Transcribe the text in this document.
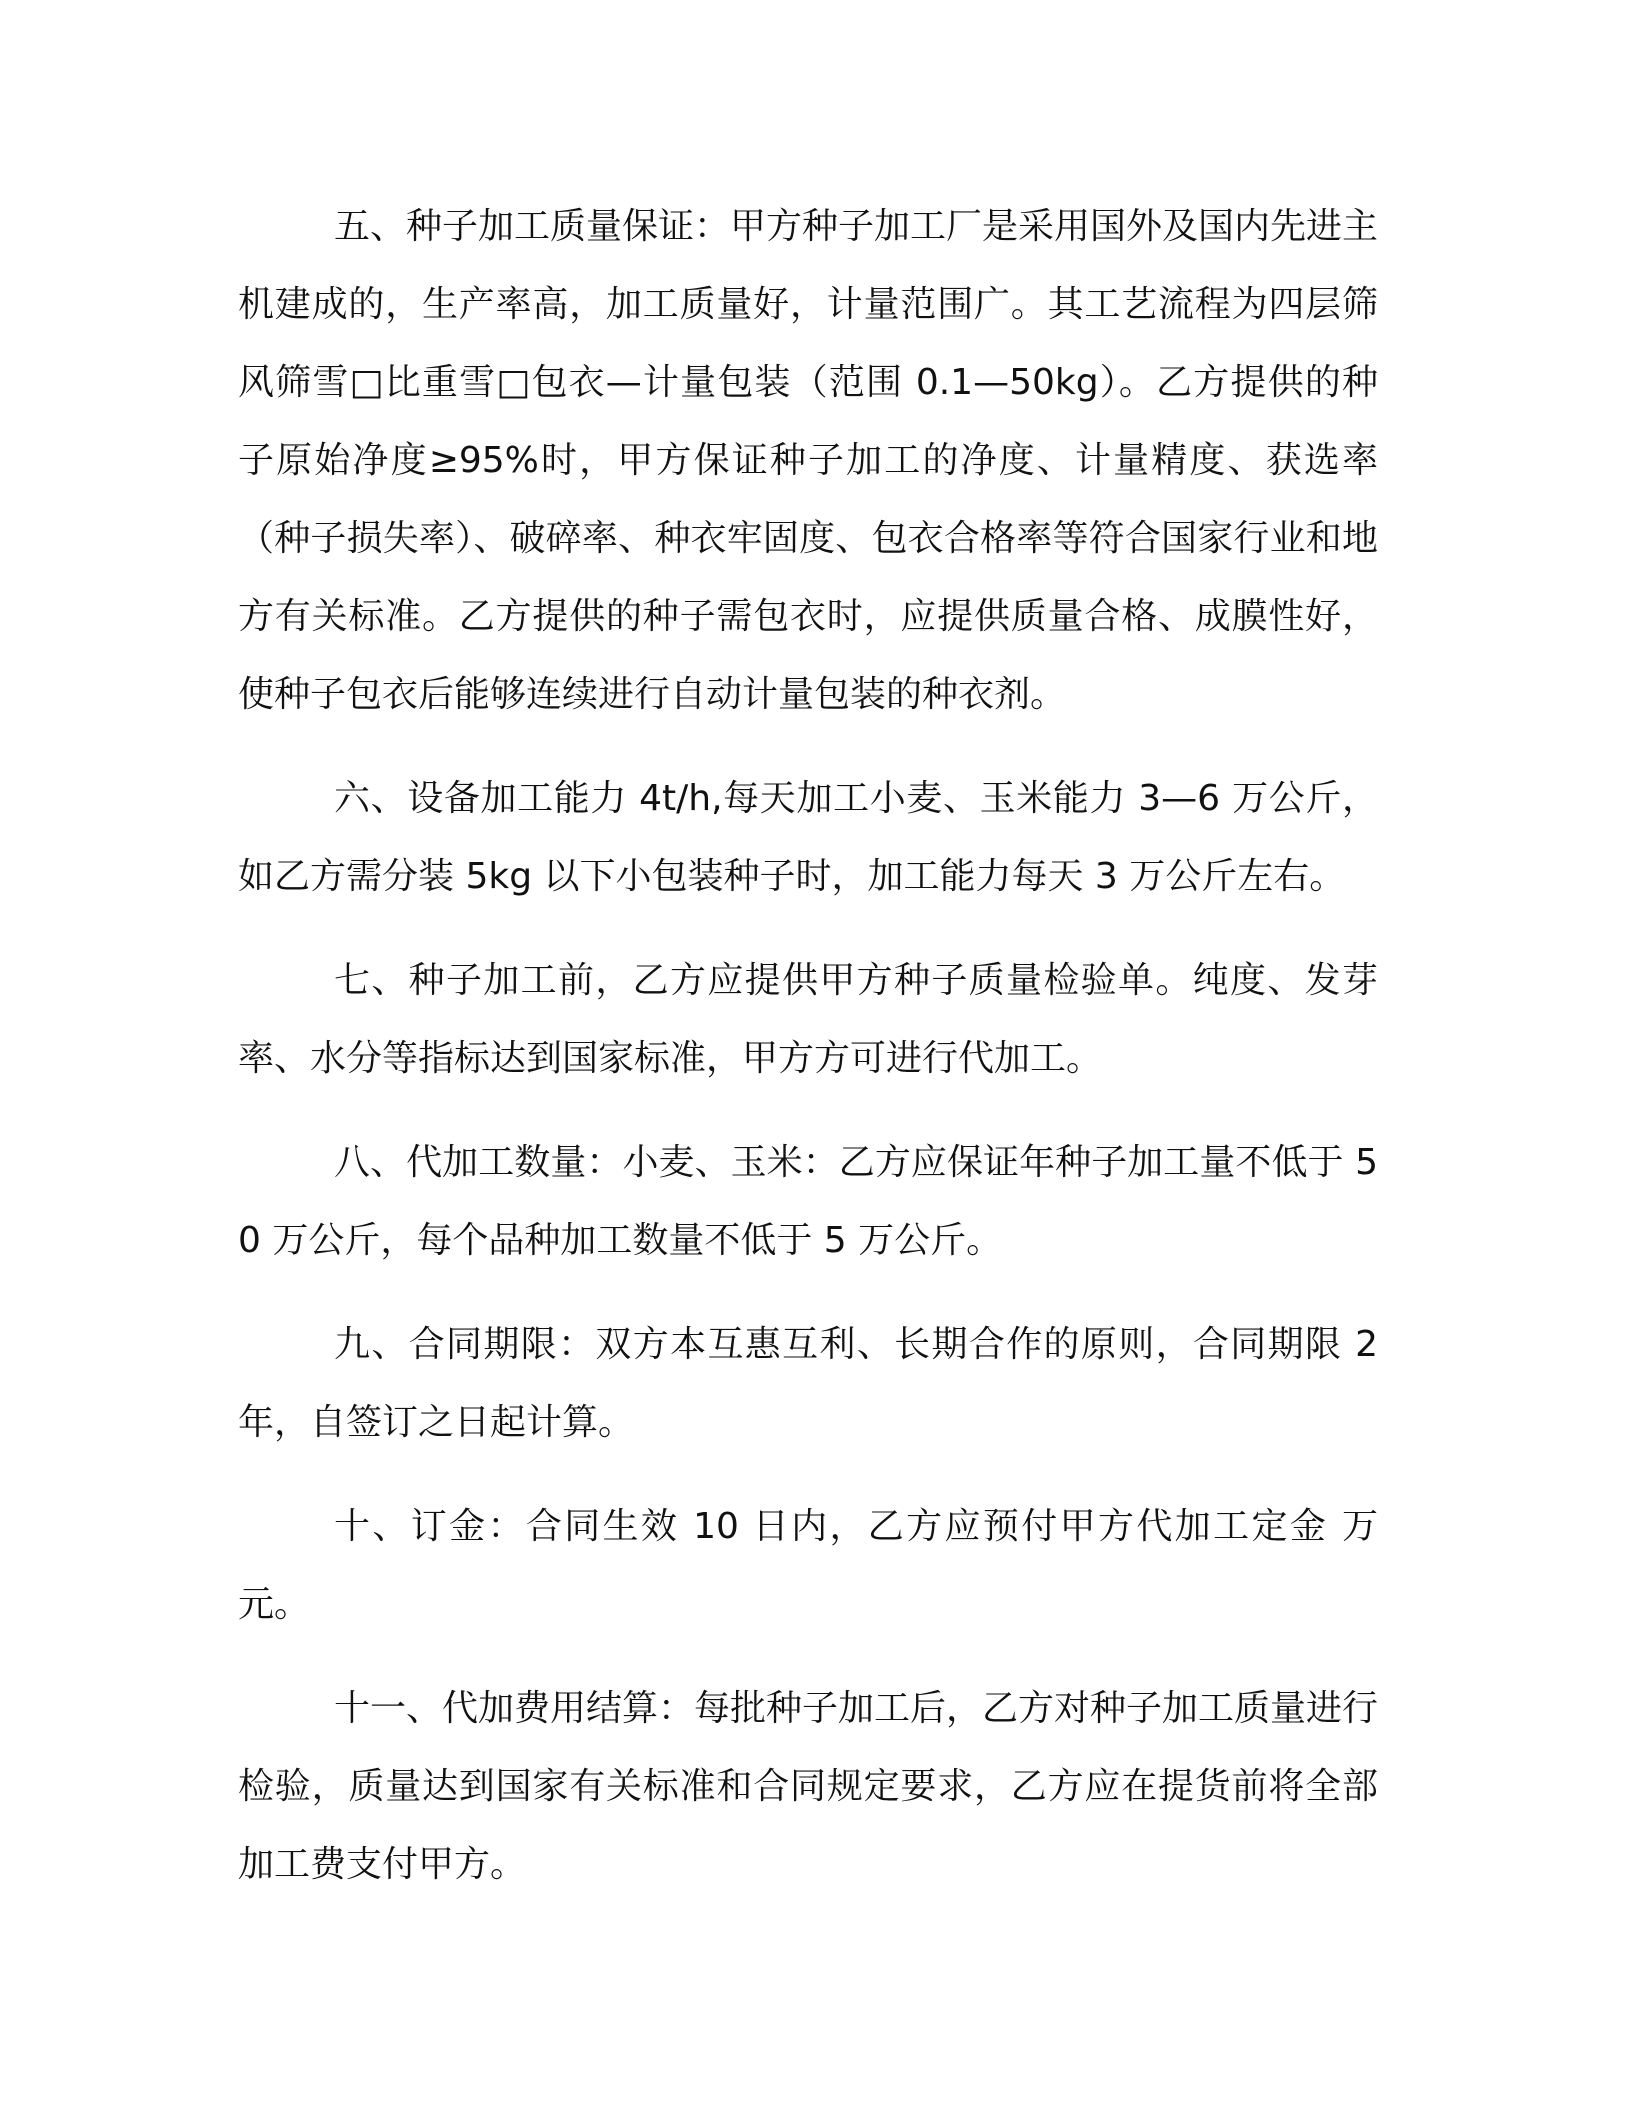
五、种子加工质量保证：甲方种子加工厂是采用国外及国内先进主机建成的，生产率高，加工质量好，计量范围广。其工艺流程为四层筛风筛雪□比重雪□包衣—计量包装（范围 0.1—50kg）。乙方提供的种子原始净度≥95%时，甲方保证种子加工的净度、计量精度、获选率（种子损失率）、破碎率、种衣牢固度、包衣合格率等符合国家行业和地方有关标准。乙方提供的种子需包衣时，应提供质量合格、成膜性好，使种子包衣后能够连续进行自动计量包装的种衣剂。

六、设备加工能力 4t/h,每天加工小麦、玉米能力 3—6 万公斤，如乙方需分装 5kg 以下小包装种子时，加工能力每天 3 万公斤左右。

七、种子加工前，乙方应提供甲方种子质量检验单。纯度、发芽率、水分等指标达到国家标准，甲方方可进行代加工。

八、代加工数量：小麦、玉米：乙方应保证年种子加工量不低于 50 万公斤，每个品种加工数量不低于 5 万公斤。

九、合同期限：双方本互惠互利、长期合作的原则，合同期限 2 年，自签订之日起计算。

十、订金：合同生效 10 日内，乙方应预付甲方代加工定金 万元。

十一、代加费用结算：每批种子加工后，乙方对种子加工质量进行检验，质量达到国家有关标准和合同规定要求，乙方应在提货前将全部加工费支付甲方。
